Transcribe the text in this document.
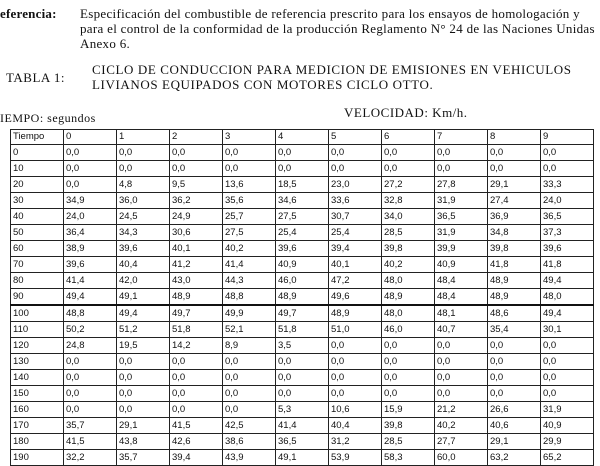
eferencia: Especificación del combustible de referencia prescrito para los ensayos de homologación y para el control de la conformidad de la producción Reglamento N° 24 de las Naciones Unidas Anexo 6.
TABLA 1:
CICLO DE CONDUCCION PARA MEDICION DE EMISIONES EN VEHICULOS LIVIANOS EQUIPADOS CON MOTORES CICLO OTTO.
IEMPO: segundos	VELOCIDAD: Km/h.
Tiempo	0	1	2	3	4	5	6	7	8	9
0	0,0	0,0	0,0	0,0	0,0	0,0	0,0	0,0	0,0	0,0
10	0,0	0,0	0,0	0,0	0,0	0,0	0,0	0,0	0,0	0,0
20	0,0	4,8	9,5	13,6	18,5	23,0	27,2	27,8	29,1	33,3
30	34,9	36,0	36,2	35,6	34,6	33,6	32,8	31,9	27,4	24,0
40	24,0	24,5	24,9	25,7	27,5	30,7	34,0	36,5	36,9	36,5
50	36,4	34,3	30,6	27,5	25,4	25,4	28,5	31,9	34,8	37,3
60	38,9	39,6	40,1	40,2	39,6	39,4	39,8	39,9	39,8	39,6
70	39,6	40,4	41,2	41,4	40,9	40,1	40,2	40,9	41,8	41,8
80	41,4	42,0	43,0	44,3	46,0	47,2	48,0	48,4	48,9	49,4
90	49,4	49,1	48,9	48,8	48,9	49,6	48,9	48,4	48,9	48,0
100	48,8	49,4	49,7	49,9	49,7	48,9	48,0	48,1	48,6	49,4
110	50,2	51,2	51,8	52,1	51,8	51,0	46,0	40,7	35,4	30,1
120	24,8	19,5	14,2	8,9	3,5	0,0	0,0	0,0	0,0	0,0
130	0,0	0,0	0,0	0,0	0,0	0,0	0,0	0,0	0,0	0,0
140	0,0	0,0	0,0	0,0	0,0	0,0	0,0	0,0	0,0	0,0
150	0,0	0,0	0,0	0,0	0,0	0,0	0,0	0,0	0,0	0,0
160	0,0	0,0	0,0	0,0	5,3	10,6	15,9	21,2	26,6	31,9
170	35,7	29,1	41,5	42,5	41,4	40,4	39,8	40,2	40,6	40,9
180	41,5	43,8	42,6	38,6	36,5	31,2	28,5	27,7	29,1	29,9
190	32,2	35,7	39,4	43,9	49,1	53,9	58,3	60,0	63,2	65,2
